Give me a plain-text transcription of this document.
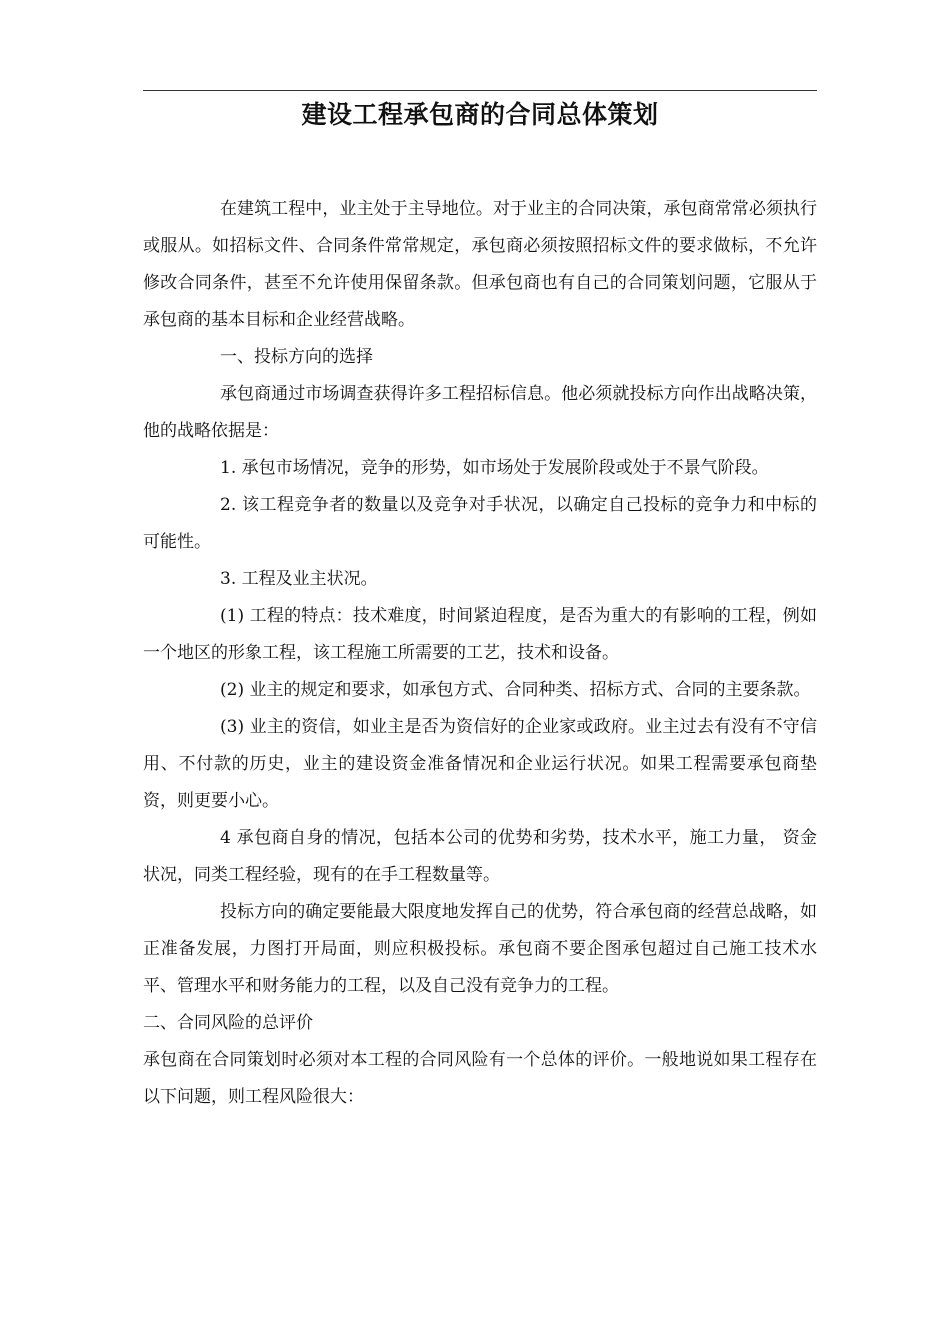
建设工程承包商的合同总体策划

在建筑工程中，业主处于主导地位。对于业主的合同决策，承包商常常必须执行或服从。如招标文件、合同条件常常规定，承包商必须按照招标文件的要求做标，不允许修改合同条件，甚至不允许使用保留条款。但承包商也有自己的合同策划问题，它服从于承包商的基本目标和企业经营战略。

一、投标方向的选择

承包商通过市场调查获得许多工程招标信息。他必须就投标方向作出战略决策，他的战略依据是：

1. 承包市场情况，竞争的形势，如市场处于发展阶段或处于不景气阶段。

2. 该工程竞争者的数量以及竞争对手状况，以确定自己投标的竞争力和中标的可能性。

3. 工程及业主状况。

(1) 工程的特点：技术难度，时间紧迫程度，是否为重大的有影响的工程，例如一个地区的形象工程，该工程施工所需要的工艺，技术和设备。

(2) 业主的规定和要求，如承包方式、合同种类、招标方式、合同的主要条款。

(3) 业主的资信，如业主是否为资信好的企业家或政府。业主过去有没有不守信用、不付款的历史，业主的建设资金准备情况和企业运行状况。如果工程需要承包商垫资，则更要小心。

4 承包商自身的情况，包括本公司的优势和劣势，技术水平，施工力量， 资金状况，同类工程经验，现有的在手工程数量等。

投标方向的确定要能最大限度地发挥自己的优势，符合承包商的经营总战略，如正准备发展，力图打开局面，则应积极投标。承包商不要企图承包超过自己施工技术水平、管理水平和财务能力的工程，以及自己没有竞争力的工程。

二、合同风险的总评价

承包商在合同策划时必须对本工程的合同风险有一个总体的评价。一般地说如果工程存在以下问题，则工程风险很大：
